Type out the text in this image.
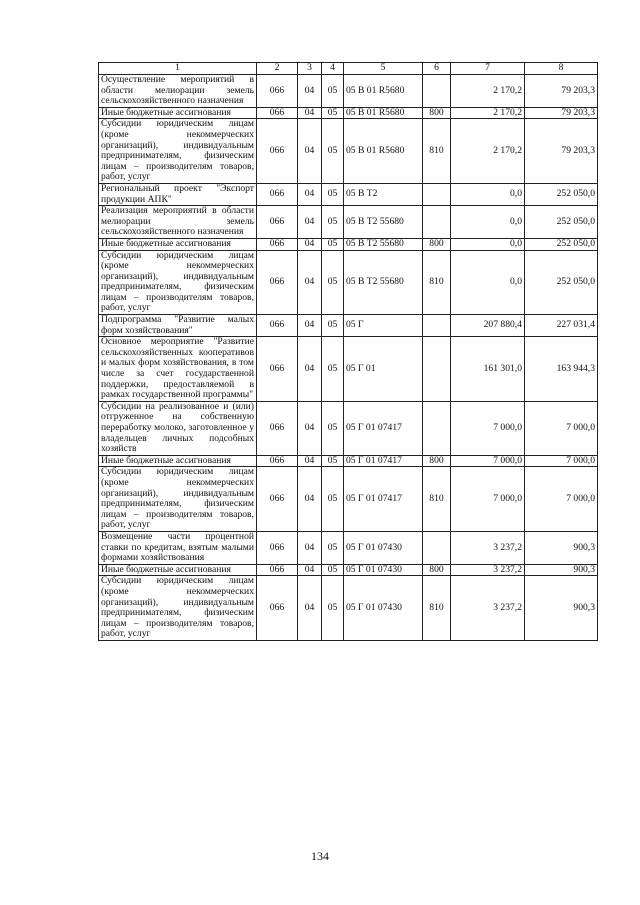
1	2	3	4	5	6	7	8
Осуществление мероприятий в области мелиорации земель сельскохозяйственного назначения	066	04	05	05 В 01 R5680		2 170,2	79 203,3
Иные бюджетные ассигнования	066	04	05	05 В 01 R5680	800	2 170,2	79 203,3
Субсидии юридическим лицам (кроме некоммерческих организаций), индивидуальным предпринимателям, физическим лицам – производителям товаров, работ, услуг	066	04	05	05 В 01 R5680	810	2 170,2	79 203,3
Региональный проект "Экспорт продукции АПК"	066	04	05	05 В Т2		0,0	252 050,0
Реализация мероприятий в области мелиорации земель сельскохозяйственного назначения	066	04	05	05 В Т2 55680		0,0	252 050,0
Иные бюджетные ассигнования	066	04	05	05 В Т2 55680	800	0,0	252 050,0
Субсидии юридическим лицам (кроме некоммерческих организаций), индивидуальным предпринимателям, физическим лицам – производителям товаров, работ, услуг	066	04	05	05 В Т2 55680	810	0,0	252 050,0
Подпрограмма "Развитие малых форм хозяйствования"	066	04	05	05 Г		207 880,4	227 031,4
Основное мероприятие "Развитие сельскохозяйственных кооперативов и малых форм хозяйствования, в том числе за счет государственной поддержки, предоставляемой в рамках государственной программы"	066	04	05	05 Г 01		161 301,0	163 944,3
Субсидии на реализованное и (или) отгруженное на собственную переработку молоко, заготовленное у владельцев личных подсобных хозяйств	066	04	05	05 Г 01 07417		7 000,0	7 000,0
Иные бюджетные ассигнования	066	04	05	05 Г 01 07417	800	7 000,0	7 000,0
Субсидии юридическим лицам (кроме некоммерческих организаций), индивидуальным предпринимателям, физическим лицам – производителям товаров, работ, услуг	066	04	05	05 Г 01 07417	810	7 000,0	7 000,0
Возмещение части процентной ставки по кредитам, взятым малыми формами хозяйствования	066	04	05	05 Г 01 07430		3 237,2	900,3
Иные бюджетные ассигнования	066	04	05	05 Г 01 07430	800	3 237,2	900,3
Субсидии юридическим лицам (кроме некоммерческих организаций), индивидуальным предпринимателям, физическим лицам – производителям товаров, работ, услуг	066	04	05	05 Г 01 07430	810	3 237,2	900,3
134
